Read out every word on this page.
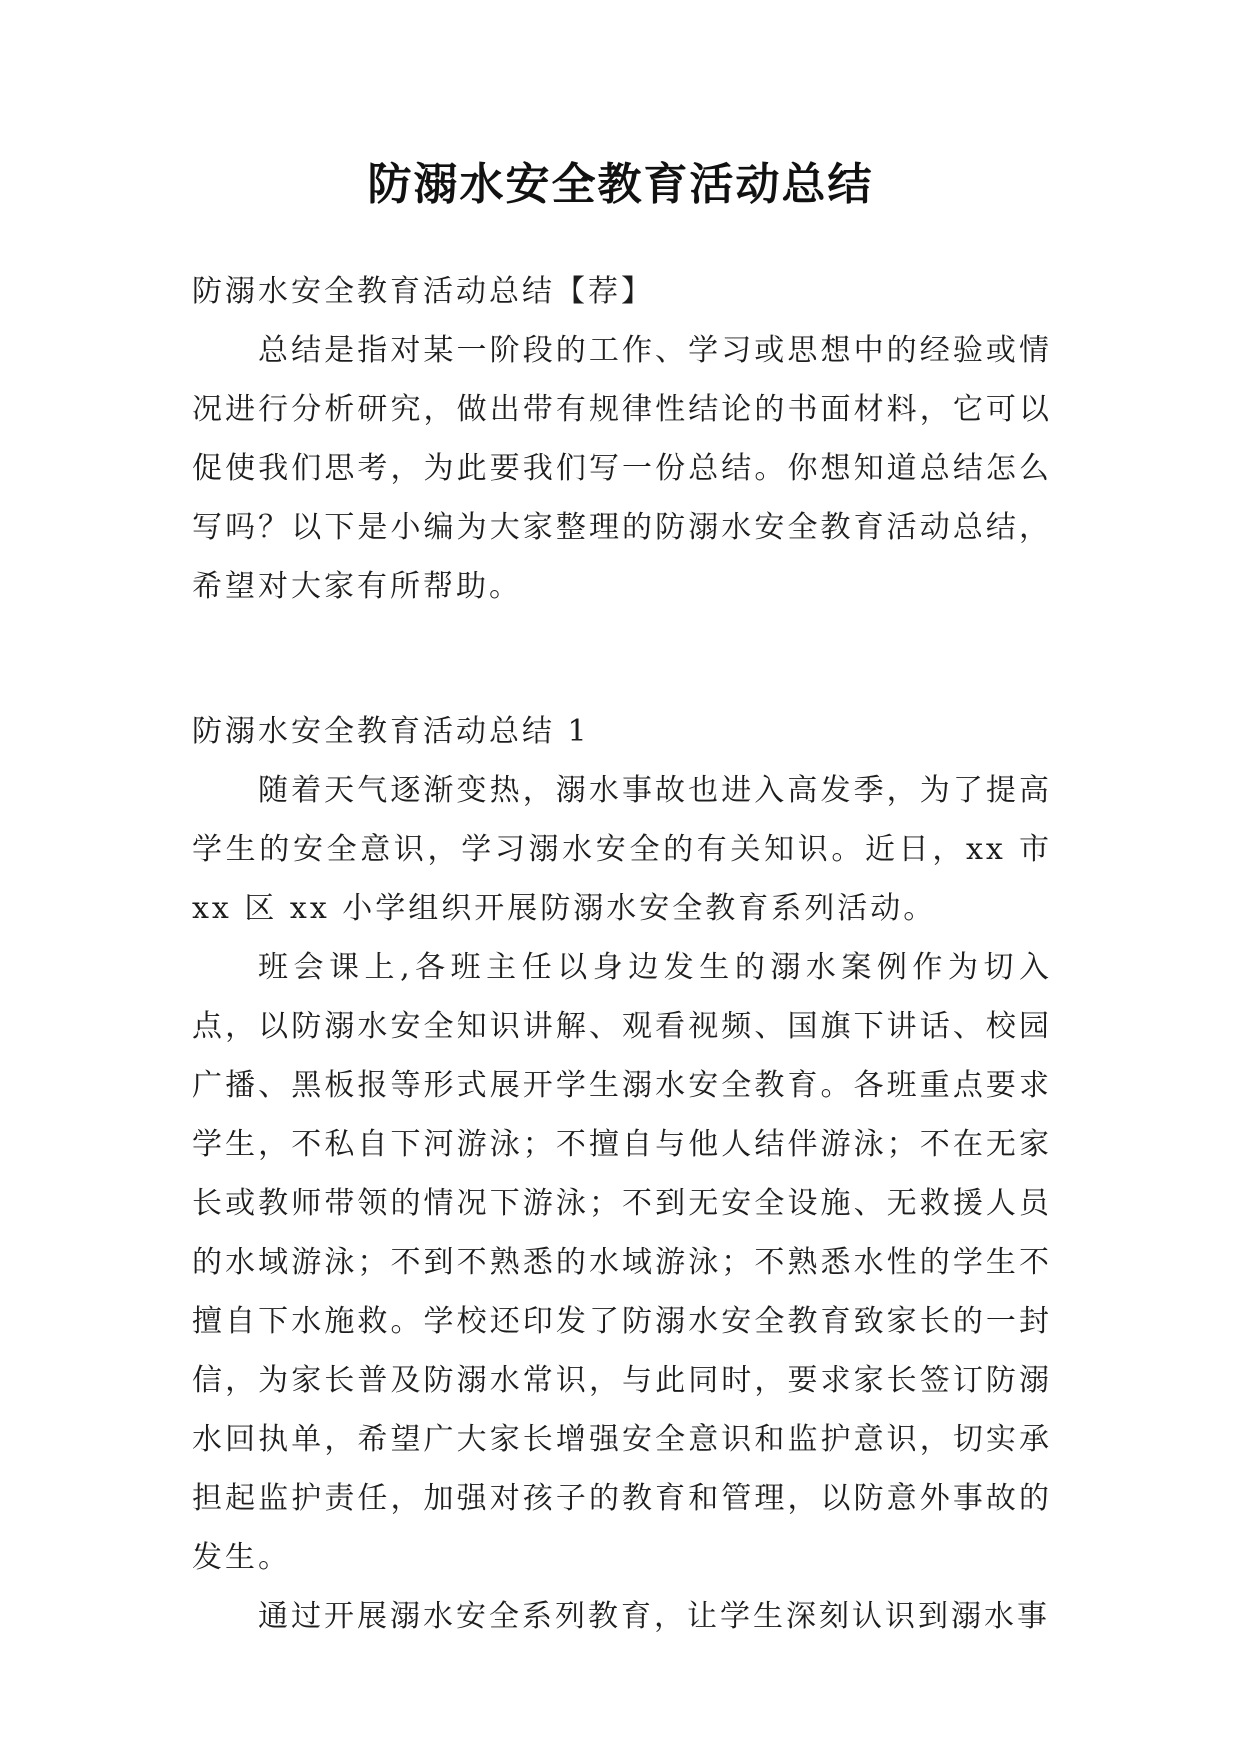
防溺水安全教育活动总结

防溺水安全教育活动总结【荐】

总结是指对某一阶段的工作、学习或思想中的经验或情况进行分析研究，做出带有规律性结论的书面材料，它可以促使我们思考，为此要我们写一份总结。你想知道总结怎么写吗？以下是小编为大家整理的防溺水安全教育活动总结，希望对大家有所帮助。

防溺水安全教育活动总结 1

随着天气逐渐变热，溺水事故也进入高发季，为了提高学生的安全意识，学习溺水安全的有关知识。近日，xx 市 xx 区 xx 小学组织开展防溺水安全教育系列活动。

班会课上,各班主任以身边发生的溺水案例作为切入点，以防溺水安全知识讲解、观看视频、国旗下讲话、校园广播、黑板报等形式展开学生溺水安全教育。各班重点要求学生，不私自下河游泳；不擅自与他人结伴游泳；不在无家长或教师带领的情况下游泳；不到无安全设施、无救援人员的水域游泳；不到不熟悉的水域游泳；不熟悉水性的学生不擅自下水施救。学校还印发了防溺水安全教育致家长的一封信，为家长普及防溺水常识，与此同时，要求家长签订防溺水回执单，希望广大家长增强安全意识和监护意识，切实承担起监护责任，加强对孩子的教育和管理，以防意外事故的发生。

通过开展溺水安全系列教育，让学生深刻认识到溺水事
